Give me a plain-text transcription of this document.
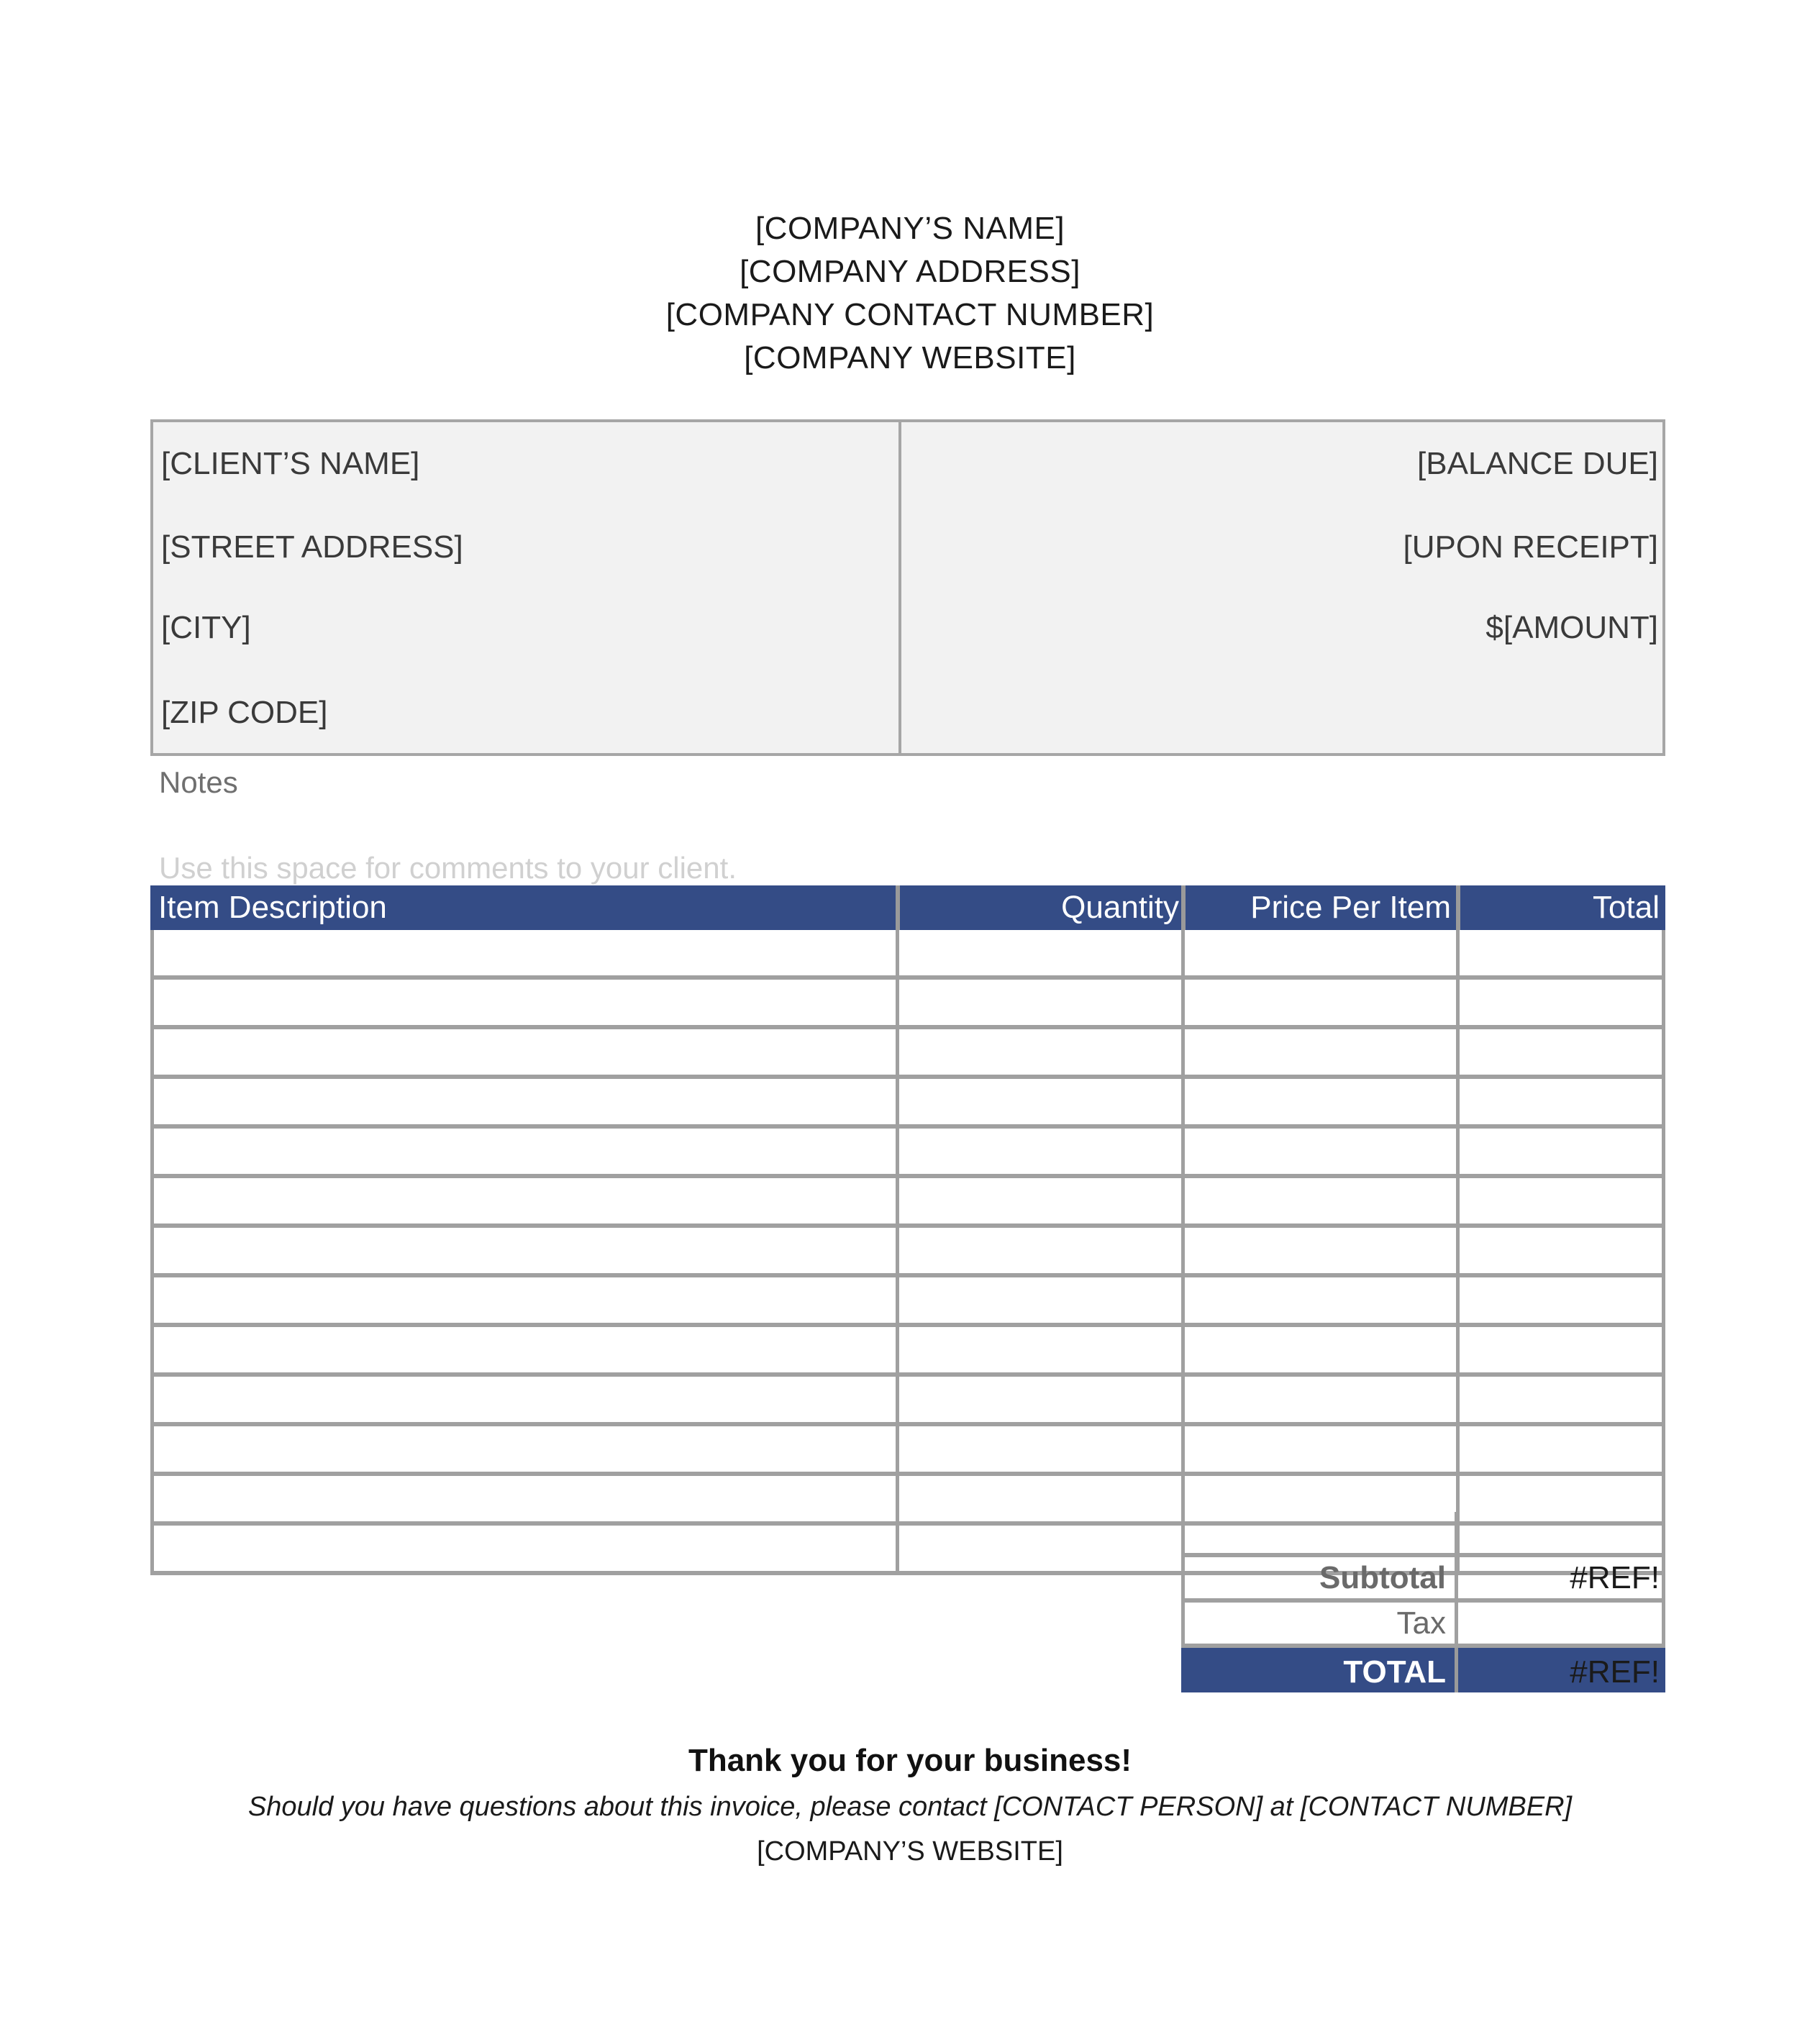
[COMPANY’S NAME]
[COMPANY ADDRESS]
[COMPANY CONTACT NUMBER]
[COMPANY WEBSITE]
[CLIENT’S NAME]
[STREET ADDRESS]
[CITY]
[ZIP CODE]
[BALANCE DUE]
[UPON RECEIPT]
$[AMOUNT]
Notes
Use this space for comments to your client.
Item Description	Quantity	Price Per Item	Total
Subtotal	#REF!
Tax
TOTAL	#REF!
Thank you for your business!
Should you have questions about this invoice, please contact [CONTACT PERSON] at [CONTACT NUMBER]
[COMPANY’S WEBSITE]
